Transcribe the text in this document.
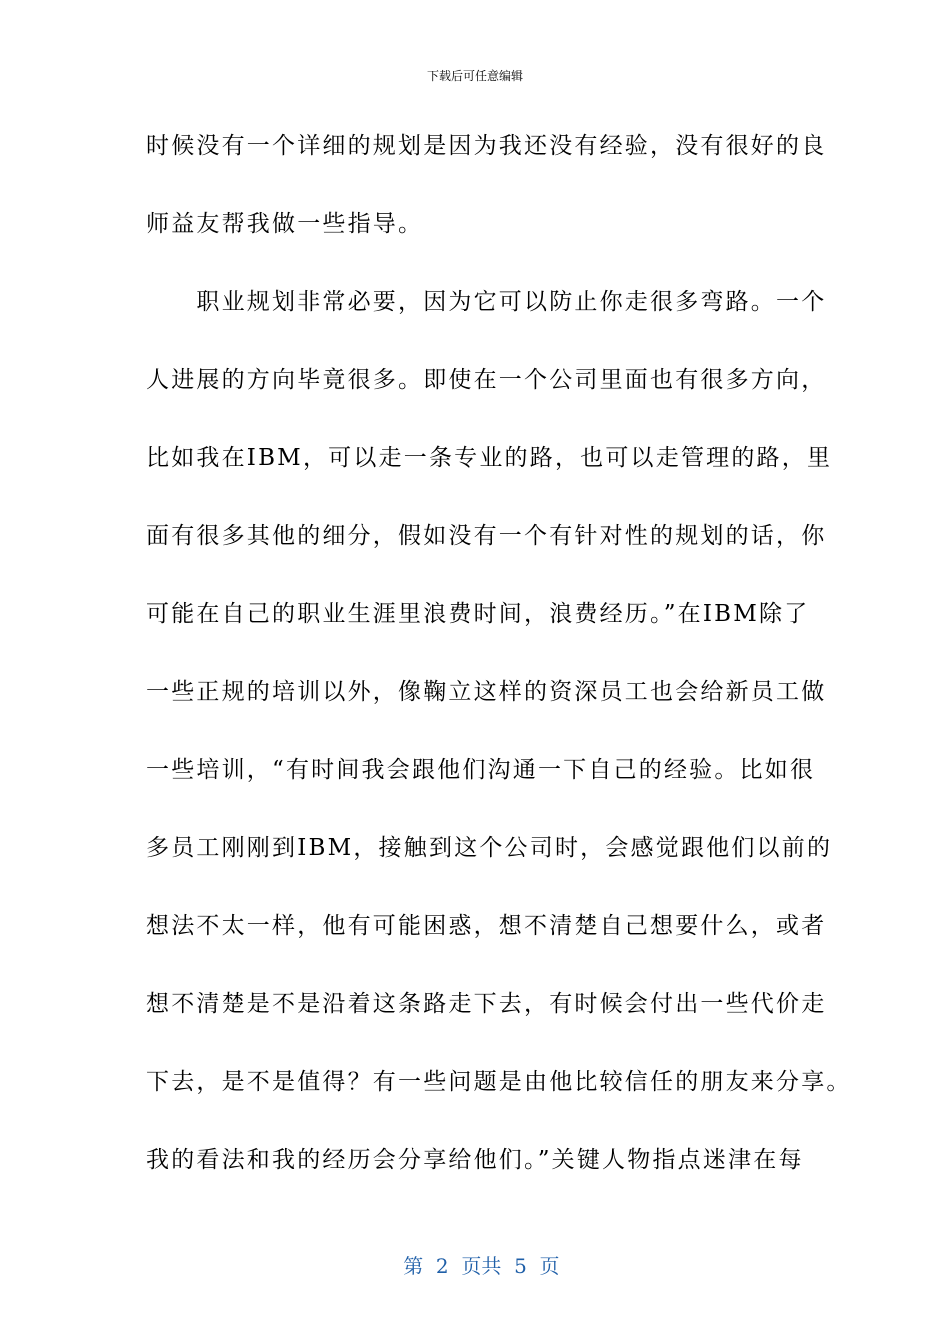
下载后可任意编辑
时候没有一个详细的规划是因为我还没有经验，没有很好的良
师益友帮我做一些指导。
　　职业规划非常必要，因为它可以防止你走很多弯路。一个
人进展的方向毕竟很多。即使在一个公司里面也有很多方向，
比如我在IBM，可以走一条专业的路，也可以走管理的路，里
面有很多其他的细分，假如没有一个有针对性的规划的话，你
可能在自己的职业生涯里浪费时间，浪费经历。”在IBM除了
一些正规的培训以外，像鞠立这样的资深员工也会给新员工做
一些培训，“有时间我会跟他们沟通一下自己的经验。比如很
多员工刚刚到IBM，接触到这个公司时，会感觉跟他们以前的
想法不太一样，他有可能困惑，想不清楚自己想要什么，或者
想不清楚是不是沿着这条路走下去，有时候会付出一些代价走
下去，是不是值得？有一些问题是由他比较信任的朋友来分享。
我的看法和我的经历会分享给他们。”关键人物指点迷津在每

第  2  页共  5  页
